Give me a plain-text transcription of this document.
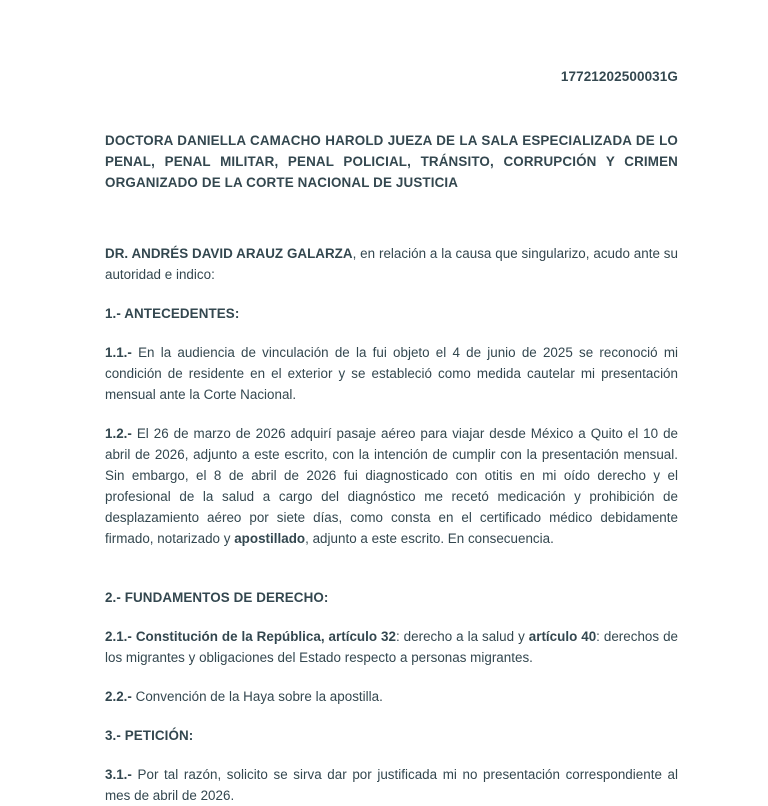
17721202500031G
DOCTORA DANIELLA CAMACHO HAROLD JUEZA DE LA SALA ESPECIALIZADA DE LO PENAL, PENAL MILITAR, PENAL POLICIAL, TRÁNSITO, CORRUPCIÓN Y CRIMEN ORGANIZADO DE LA CORTE NACIONAL DE JUSTICIA

DR. ANDRÉS DAVID ARAUZ GALARZA, en relación a la causa que singularizo, acudo ante su autoridad e indico:

1.- ANTECEDENTES:

1.1.- En la audiencia de vinculación de la fui objeto el 4 de junio de 2025 se reconoció mi condición de residente en el exterior y se estableció como medida cautelar mi presentación mensual ante la Corte Nacional.

1.2.- El 26 de marzo de 2026 adquirí pasaje aéreo para viajar desde México a Quito el 10 de abril de 2026, adjunto a este escrito, con la intención de cumplir con la presentación mensual. Sin embargo, el 8 de abril de 2026 fui diagnosticado con otitis en mi oído derecho y el profesional de la salud a cargo del diagnóstico me recetó medicación y prohibición de desplazamiento aéreo por siete días, como consta en el certificado médico debidamente firmado, notarizado y apostillado, adjunto a este escrito. En consecuencia.

2.- FUNDAMENTOS DE DERECHO:

2.1.- Constitución de la República, artículo 32: derecho a la salud y artículo 40: derechos de los migrantes y obligaciones del Estado respecto a personas migrantes.

2.2.- Convención de la Haya sobre la apostilla.

3.- PETICIÓN:

3.1.- Por tal razón, solicito se sirva dar por justificada mi no presentación correspondiente al mes de abril de 2026.
